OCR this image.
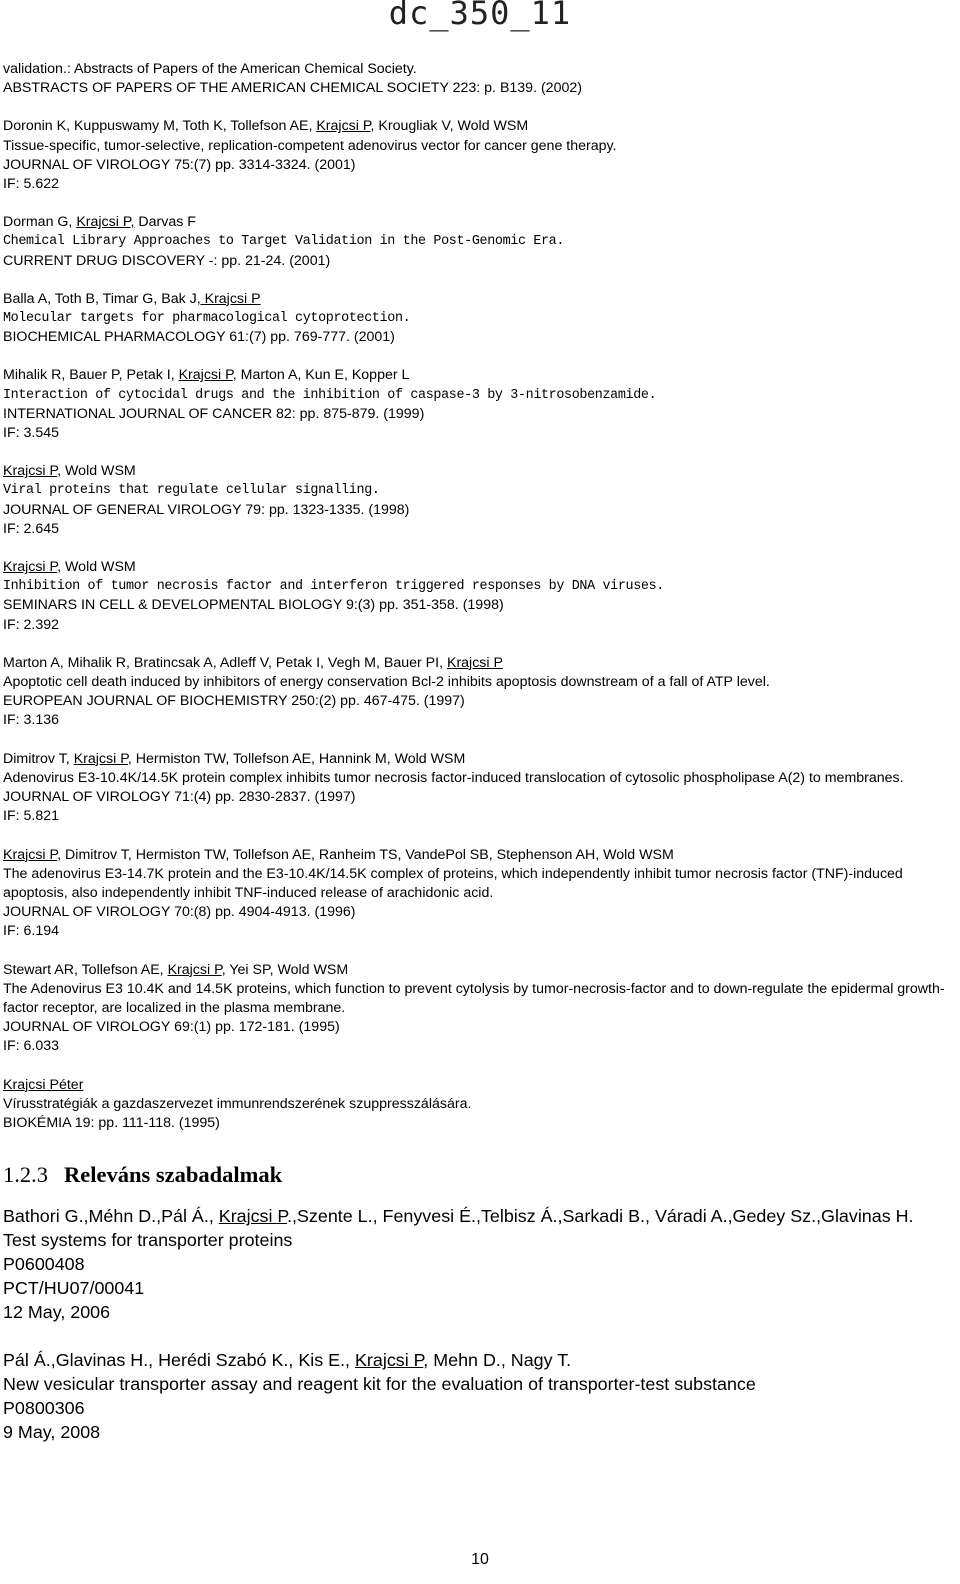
dc_350_11
validation.: Abstracts of Papers of the American Chemical Society.
ABSTRACTS OF PAPERS OF THE AMERICAN CHEMICAL SOCIETY 223: p. B139. (2002)
Doronin K, Kuppuswamy M, Toth K, Tollefson AE, Krajcsi P, Krougliak V, Wold WSM
Tissue-specific, tumor-selective, replication-competent adenovirus vector for cancer gene therapy.
JOURNAL OF VIROLOGY 75:(7) pp. 3314-3324. (2001)
IF: 5.622
Dorman G, Krajcsi P, Darvas F
Chemical Library Approaches to Target Validation in the Post-Genomic Era.
CURRENT DRUG DISCOVERY -: pp. 21-24. (2001)
Balla A, Toth B, Timar G, Bak J, Krajcsi P
Molecular targets for pharmacological cytoprotection.
BIOCHEMICAL PHARMACOLOGY 61:(7) pp. 769-777. (2001)
Mihalik R, Bauer P, Petak I, Krajcsi P, Marton A, Kun E, Kopper L
Interaction of cytocidal drugs and the inhibition of caspase-3 by 3-nitrosobenzamide.
INTERNATIONAL JOURNAL OF CANCER 82: pp. 875-879. (1999)
IF: 3.545
Krajcsi P, Wold WSM
Viral proteins that regulate cellular signalling.
JOURNAL OF GENERAL VIROLOGY 79: pp. 1323-1335. (1998)
IF: 2.645
Krajcsi P, Wold WSM
Inhibition of tumor necrosis factor and interferon triggered responses by DNA viruses.
SEMINARS IN CELL & DEVELOPMENTAL BIOLOGY 9:(3) pp. 351-358. (1998)
IF: 2.392
Marton A, Mihalik R, Bratincsak A, Adleff V, Petak I, Vegh M, Bauer PI, Krajcsi P
Apoptotic cell death induced by inhibitors of energy conservation Bcl-2 inhibits apoptosis downstream of a fall of ATP level.
EUROPEAN JOURNAL OF BIOCHEMISTRY 250:(2) pp. 467-475. (1997)
IF: 3.136
Dimitrov T, Krajcsi P, Hermiston TW, Tollefson AE, Hannink M, Wold WSM
Adenovirus E3-10.4K/14.5K protein complex inhibits tumor necrosis factor-induced translocation of cytosolic phospholipase A(2) to membranes.
JOURNAL OF VIROLOGY 71:(4) pp. 2830-2837. (1997)
IF: 5.821
Krajcsi P, Dimitrov T, Hermiston TW, Tollefson AE, Ranheim TS, VandePol SB, Stephenson AH, Wold WSM
The adenovirus E3-14.7K protein and the E3-10.4K/14.5K complex of proteins, which independently inhibit tumor necrosis factor (TNF)-induced apoptosis, also independently inhibit TNF-induced release of arachidonic acid.
JOURNAL OF VIROLOGY 70:(8) pp. 4904-4913. (1996)
IF: 6.194
Stewart AR, Tollefson AE, Krajcsi P, Yei SP, Wold WSM
The Adenovirus E3 10.4K and 14.5K proteins, which function to prevent cytolysis by tumor-necrosis-factor and to down-regulate the epidermal growth-factor receptor, are localized in the plasma membrane.
JOURNAL OF VIROLOGY 69:(1) pp. 172-181. (1995)
IF: 6.033
Krajcsi Péter
Vírusstratégiák a gazdaszervezet immunrendszerének szuppresszálására.
BIOKÉMIA 19: pp. 111-118. (1995)
1.2.3 Releváns szabadalmak
Bathori G.,Méhn D.,Pál Á., Krajcsi P.,Szente L., Fenyvesi É.,Telbisz Á.,Sarkadi B., Váradi A.,Gedey Sz.,Glavinas H.
Test systems for transporter proteins
P0600408
PCT/HU07/00041
12 May, 2006
Pál Á.,Glavinas H., Herédi Szabó K., Kis E., Krajcsi P, Mehn D., Nagy T.
New vesicular transporter assay and reagent kit for the evaluation of transporter-test substance
P0800306
9 May, 2008
10
